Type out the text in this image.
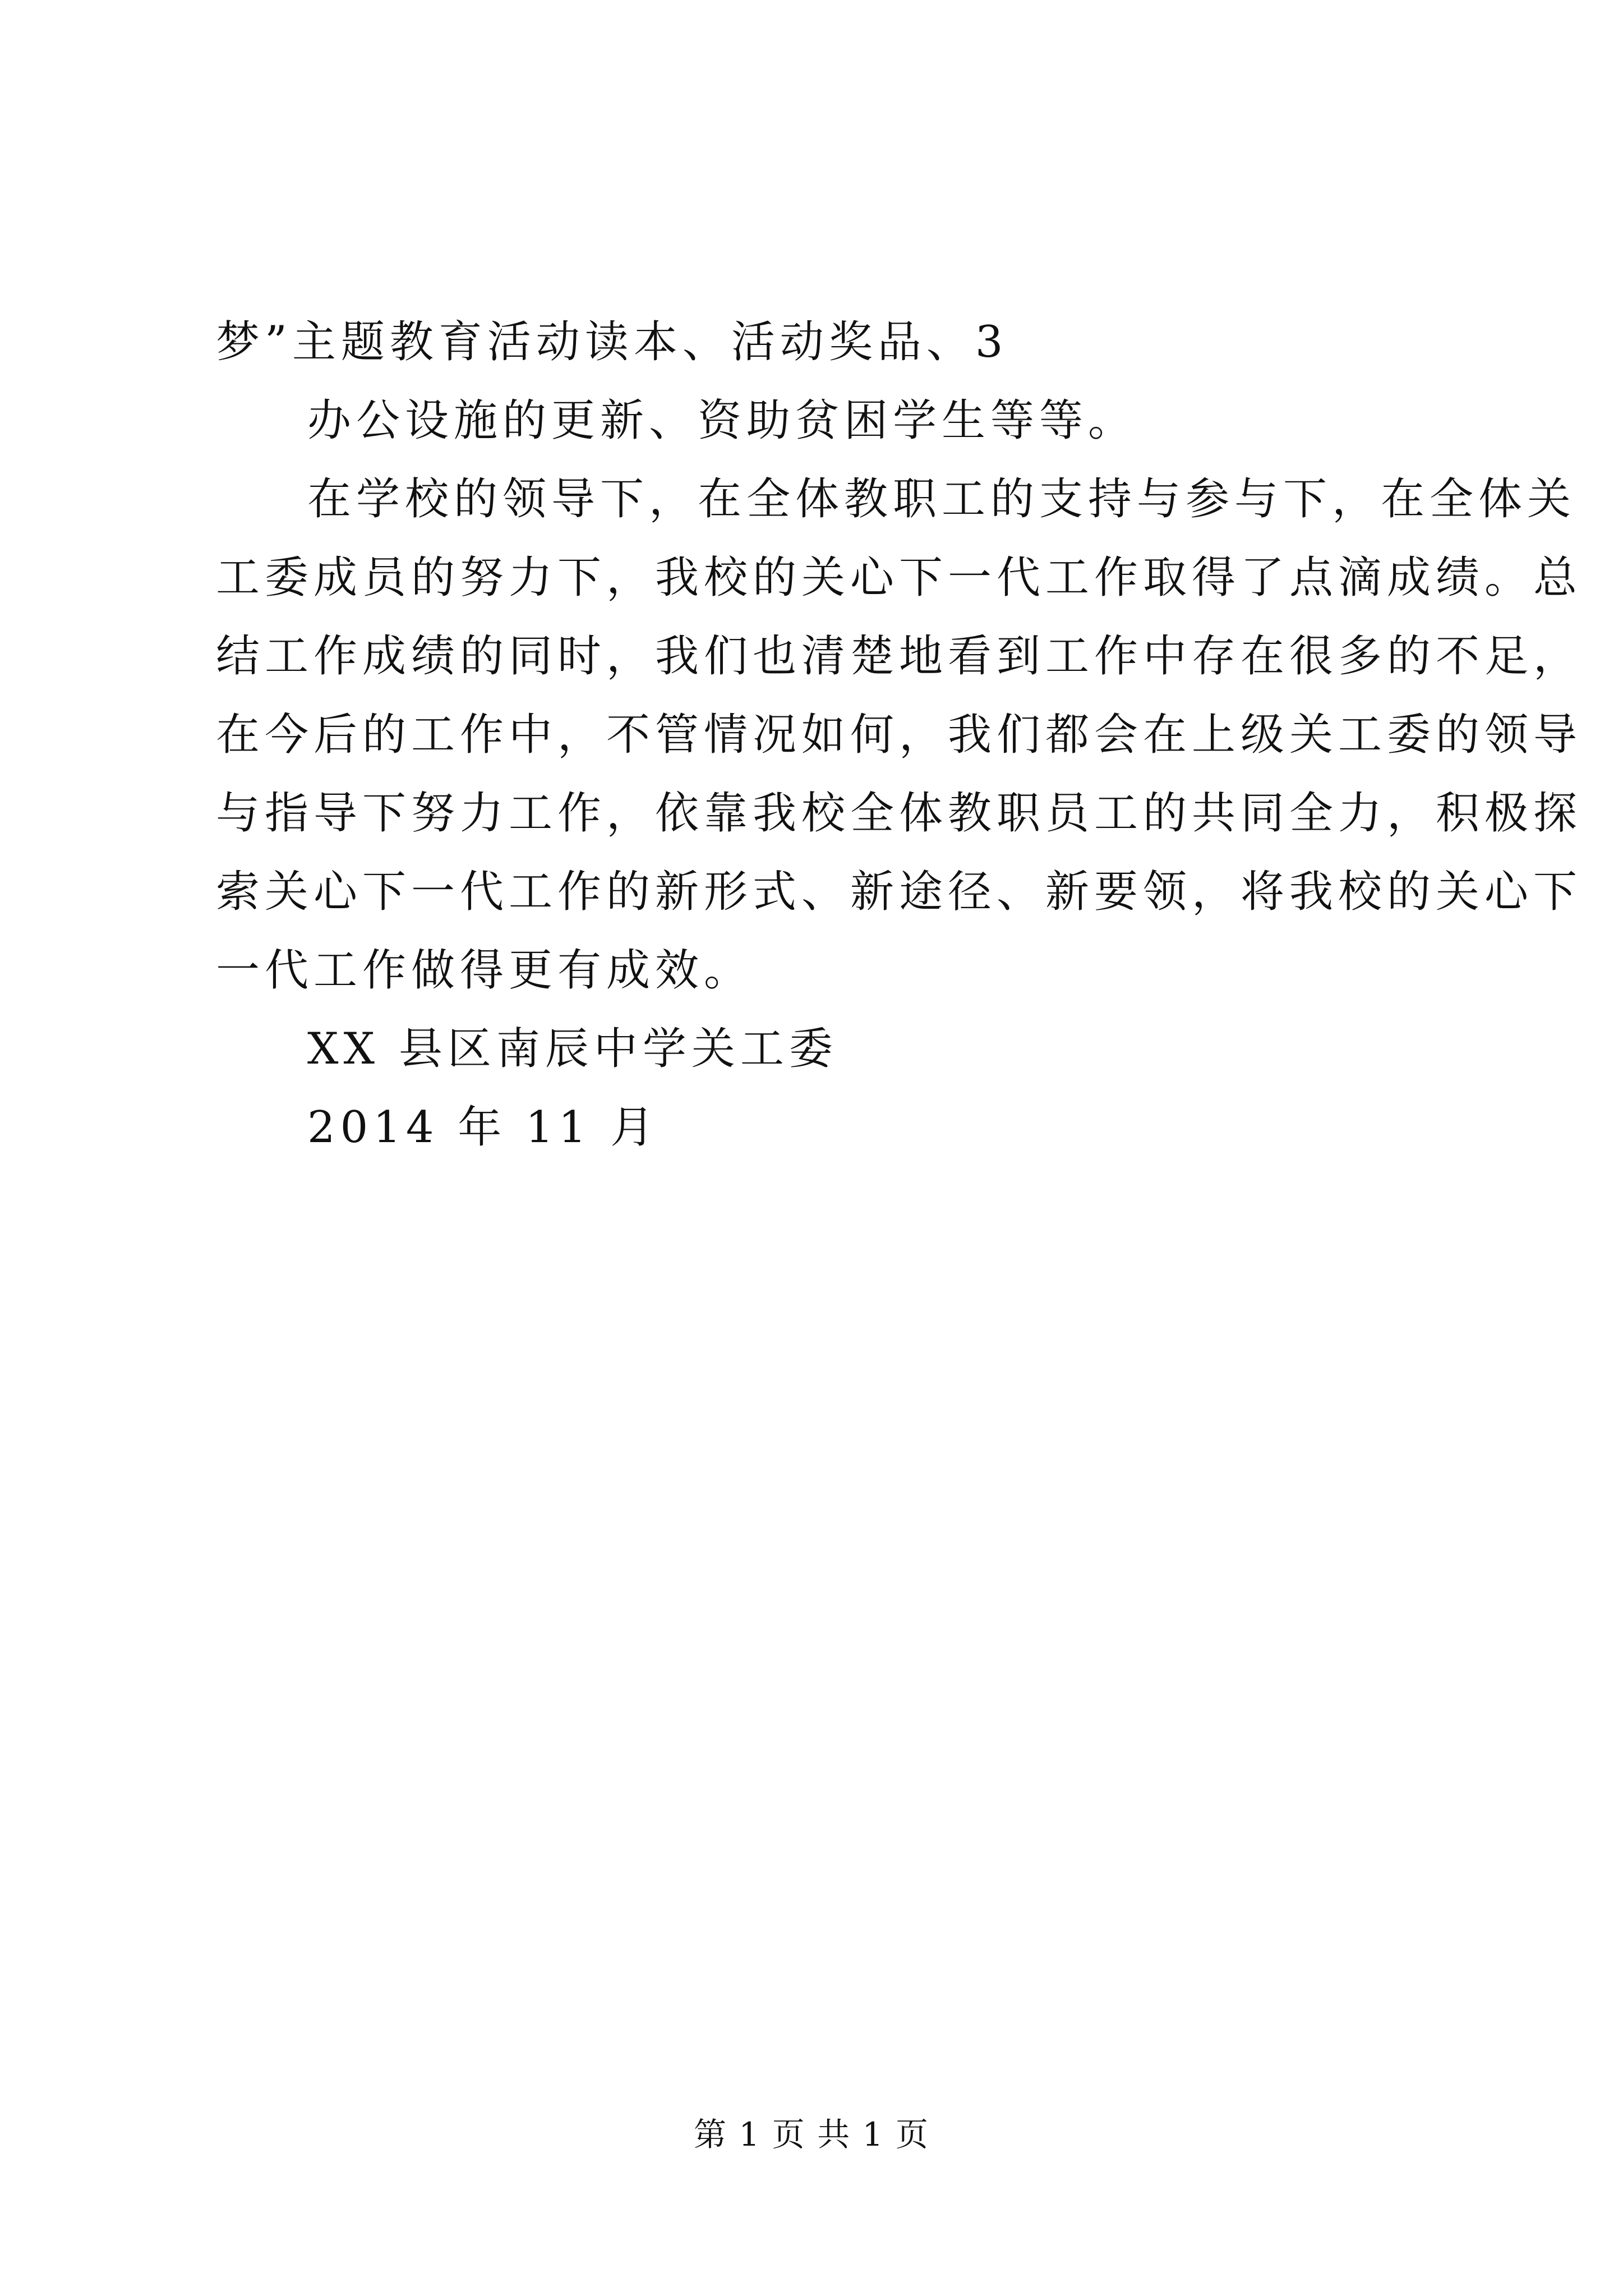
梦”主题教育活动读本、活动奖品、3
办公设施的更新、资助贫困学生等等。
在学校的领导下，在全体教职工的支持与参与下，在全体关
工委成员的努力下，我校的关心下一代工作取得了点滴成绩。总
结工作成绩的同时，我们也清楚地看到工作中存在很多的不足，
在今后的工作中，不管情况如何，我们都会在上级关工委的领导
与指导下努力工作，依靠我校全体教职员工的共同全力，积极探
索关心下一代工作的新形式、新途径、新要领，将我校的关心下
一代工作做得更有成效。
XX 县区南辰中学关工委
2014 年 11 月
第 1 页 共 1 页
